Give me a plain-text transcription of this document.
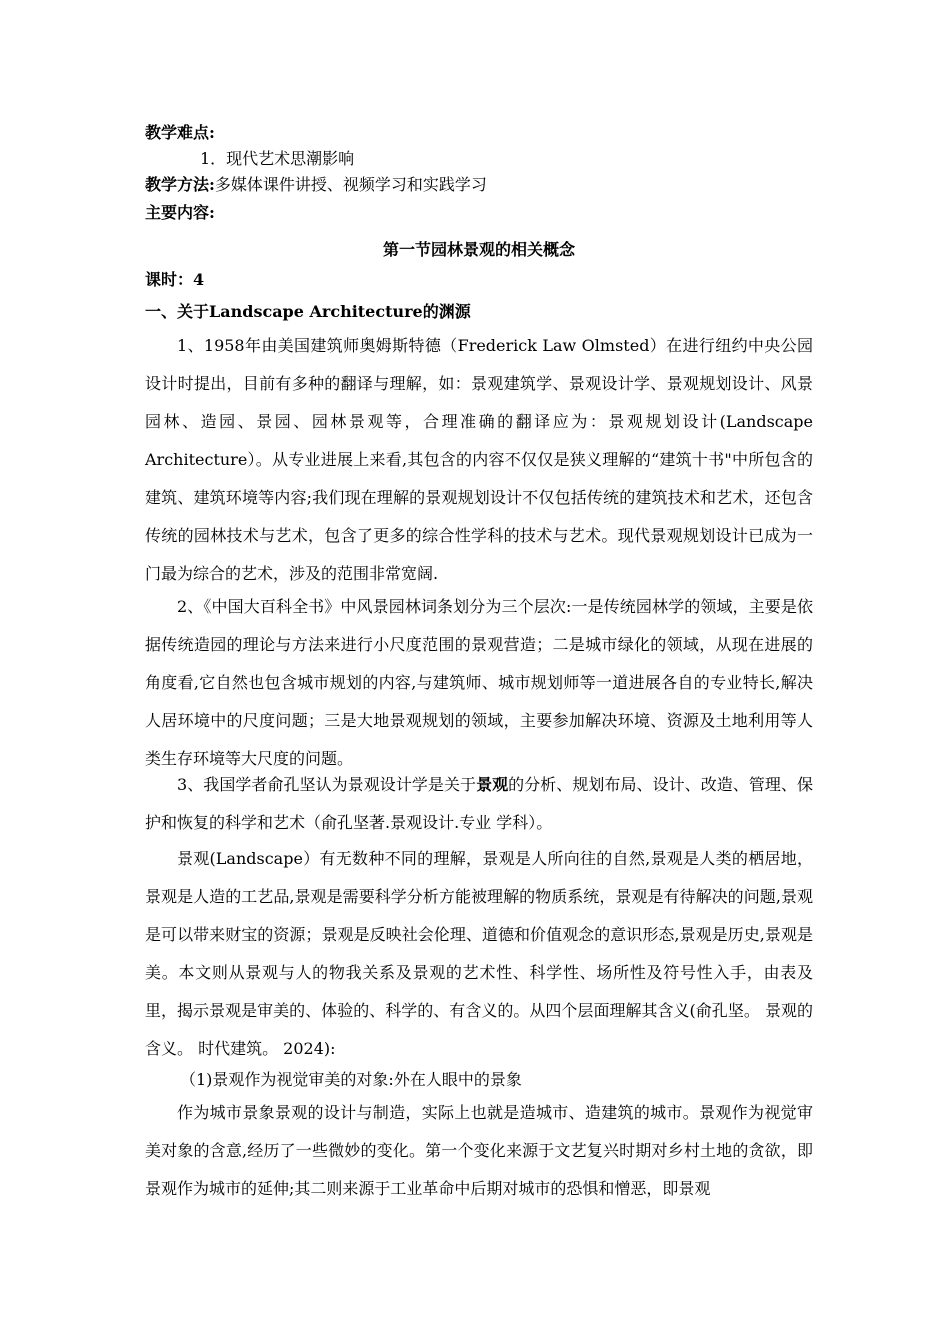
教学难点:
1．现代艺术思潮影响
教学方法:多媒体课件讲授、视频学习和实践学习
主要内容:
第一节园林景观的相关概念
课时：4
一、关于Landscape Architecture的渊源
1、1958年由美国建筑师奥姆斯特德（Frederick Law Olmsted）在进行纽约中央公园设计时提出，目前有多种的翻译与理解，如：景观建筑学、景观设计学、景观规划设计、风景园林、造园、景园、园林景观等，合理准确的翻译应为：景观规划设计(Landscape Architecture）。从专业进展上来看,其包含的内容不仅仅是狭义理解的“建筑十书"中所包含的建筑、建筑环境等内容;我们现在理解的景观规划设计不仅包括传统的建筑技术和艺术，还包含传统的园林技术与艺术，包含了更多的综合性学科的技术与艺术。现代景观规划设计已成为一门最为综合的艺术，涉及的范围非常宽阔.
2、《中国大百科全书》中风景园林词条划分为三个层次:一是传统园林学的领域，主要是依据传统造园的理论与方法来进行小尺度范围的景观营造；二是城市绿化的领域，从现在进展的角度看,它自然也包含城市规划的内容,与建筑师、城市规划师等一道进展各自的专业特长,解决人居环境中的尺度问题；三是大地景观规划的领域，主要参加解决环境、资源及土地利用等人类生存环境等大尺度的问题。
3、我国学者俞孔坚认为景观设计学是关于景观的分析、规划布局、设计、改造、管理、保护和恢复的科学和艺术（俞孔坚著.景观设计.专业 学科）。
景观(Landscape）有无数种不同的理解，景观是人所向往的自然,景观是人类的栖居地，景观是人造的工艺品,景观是需要科学分析方能被理解的物质系统，景观是有待解决的问题,景观是可以带来财宝的资源；景观是反映社会伦理、道德和价值观念的意识形态,景观是历史,景观是美。本文则从景观与人的物我关系及景观的艺术性、科学性、场所性及符号性入手，由表及里，揭示景观是审美的、体验的、科学的、有含义的。从四个层面理解其含义(俞孔坚。 景观的含义。 时代建筑。 2024):
（1)景观作为视觉审美的对象:外在人眼中的景象
作为城市景象景观的设计与制造，实际上也就是造城市、造建筑的城市。景观作为视觉审美对象的含意,经历了一些微妙的变化。第一个变化来源于文艺复兴时期对乡村土地的贪欲，即景观作为城市的延伸;其二则来源于工业革命中后期对城市的恐惧和憎恶，即景观
